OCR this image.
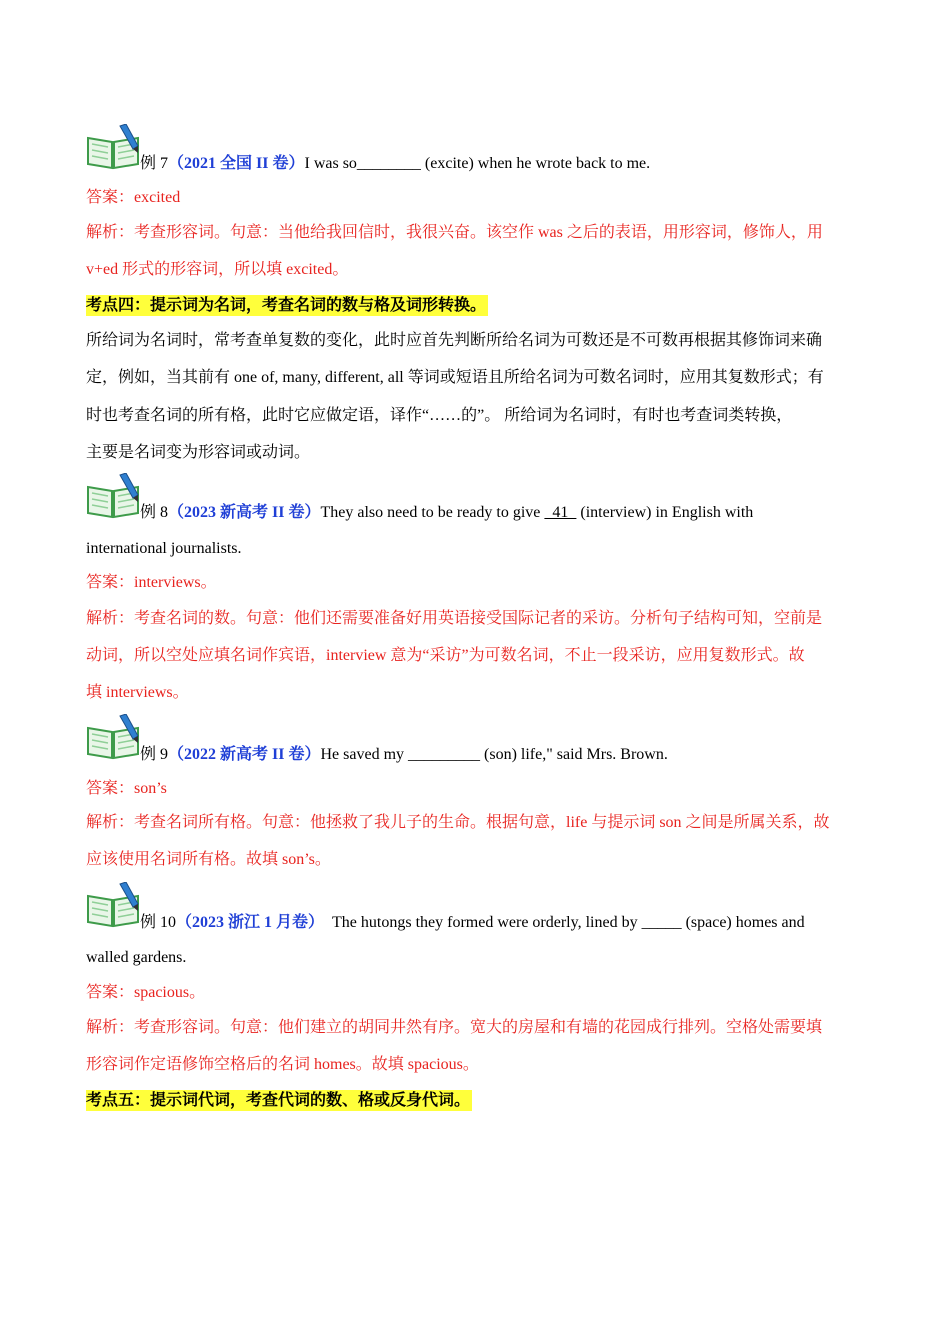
例 7（2021 全国 II 卷）I was so________ (excite) when he wrote back to me.
答案：excited
解析：考查形容词。句意：当他给我回信时，我很兴奋。该空作 was 之后的表语，用形容词，修饰人，用
v+ed 形式的形容词，所以填 excited。
考点四：提示词为名词，考查名词的数与格及词形转换。
所给词为名词时，常考查单复数的变化，此时应首先判断所给名词为可数还是不可数再根据其修饰词来确
定，例如，当其前有 one of, many, different, all 等词或短语且所给名词为可数名词时，应用其复数形式；有
时也考查名词的所有格，此时它应做定语，译作“……的”。 所给词为名词时，有时也考查词类转换，
主要是名词变为形容词或动词。
例 8（2023 新高考 II 卷）They also need to be ready to give   41   (interview) in English with
international journalists.
答案：interviews。
解析：考查名词的数。句意：他们还需要准备好用英语接受国际记者的采访。分析句子结构可知，空前是
动词，所以空处应填名词作宾语，interview 意为“采访”为可数名词，不止一段采访，应用复数形式。故
填 interviews。
例 9（2022 新高考 II 卷）He saved my _________ (son) life," said Mrs. Brown.
答案：son’s
解析：考查名词所有格。句意：他拯救了我儿子的生命。根据句意，life 与提示词 son 之间是所属关系，故
应该使用名词所有格。故填 son’s。
例 10（2023 浙江 1 月卷）  The hutongs they formed were orderly, lined by _____ (space) homes and
walled gardens.
答案：spacious。
解析：考查形容词。句意：他们建立的胡同井然有序。宽大的房屋和有墙的花园成行排列。空格处需要填
形容词作定语修饰空格后的名词 homes。故填 spacious。
考点五：提示词代词，考查代词的数、格或反身代词。
